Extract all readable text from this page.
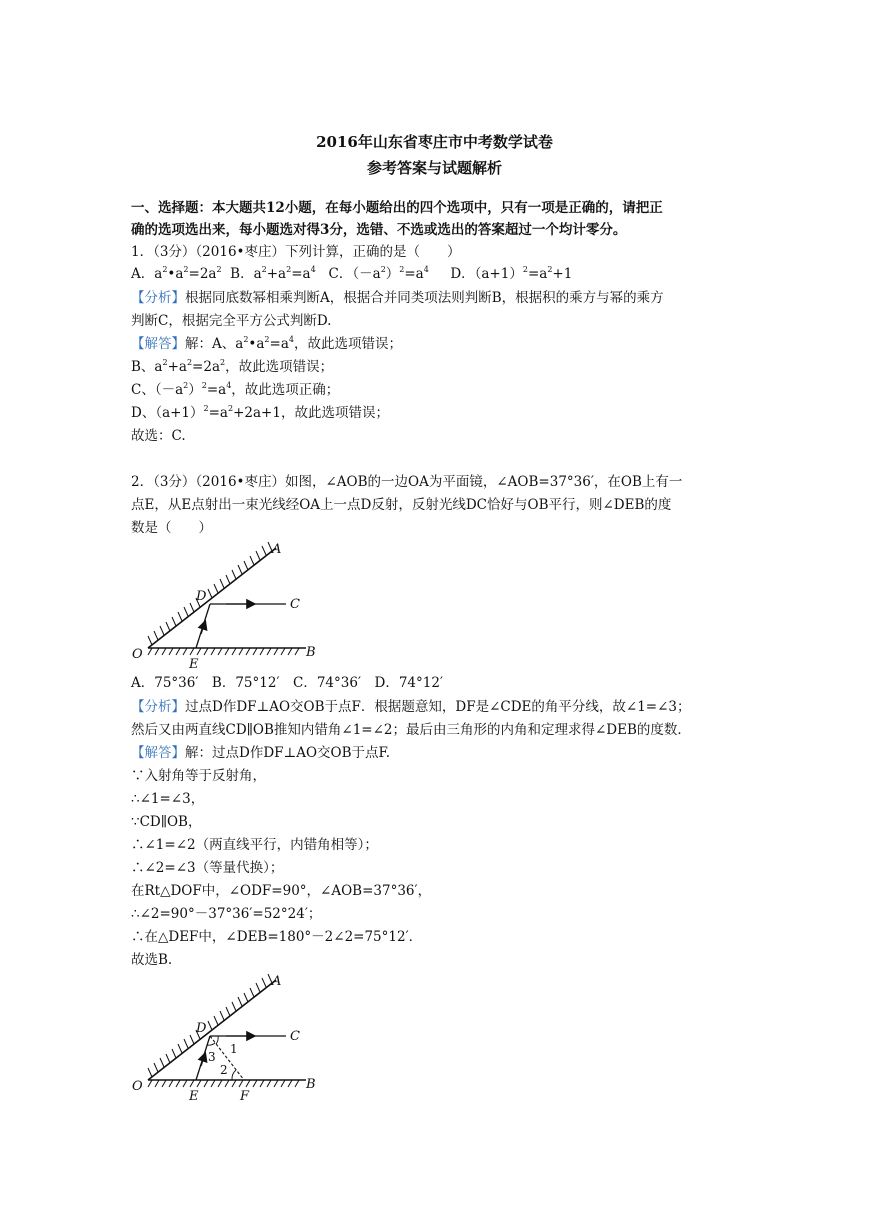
2016年山东省枣庄市中考数学试卷
参考答案与试题解析
一、选择题：本大题共12小题，在每小题给出的四个选项中，只有一项是正确的，请把正
确的选项选出来，每小题选对得3分，选错、不选或选出的答案超过一个均计零分。
1．（3分）（2016•枣庄）下列计算，正确的是（　　）
A．$a^2•a^2=2a^2$ B．$a^2+a^2=a^4$ C．$(-a^2)^2=a^4$ D．$(a+1)^2=a^2+1$
【分析】根据同底数幂相乘判断A，根据合并同类项法则判断B，根据积的乘方与幂的乘方
判断C，根据完全平方公式判断D.
【解答】解：A、$a^2•a^2=a^4$，故此选项错误；
B、$a^2+a^2=2a^2$，故此选项错误；
C、$(-a^2)^2=a^4$，故此选项正确；
D、$(a+1)^2=a^2+2a+1$，故此选项错误；
故选：C.
2．（3分）（2016•枣庄）如图，∠AOB的一边OA为平面镜，∠AOB=37°36′，在OB上有一
点E，从E点射出一束光线经OA上一点D反射，反射光线DC恰好与OB平行，则∠DEB的度
数是（　　）
A
D
C
O
E
B
A．75°36′　B．75°12′　C．74°36′　D．74°12′
【分析】过点D作DF⊥AO交OB于点F．根据题意知，DF是∠CDE的角平分线，故∠1=∠3；
然后又由两直线CD∥OB推知内错角∠1=∠2；最后由三角形的内角和定理求得∠DEB的度数．
【解答】解：过点D作DF⊥AO交OB于点F.
∵入射角等于反射角，
∴∠1=∠3，
∵CD∥OB，
∴∠1=∠2（两直线平行，内错角相等）；
∴∠2=∠3（等量代换）；
在Rt△DOF中，∠ODF=90°，∠AOB=37°36′，
∴∠2=90°－37°36′=52°24′；
∴在△DEF中，∠DEB=180°－2∠2=75°12′．
故选B.
D
A
C
O
E	F
B
1
2
3
